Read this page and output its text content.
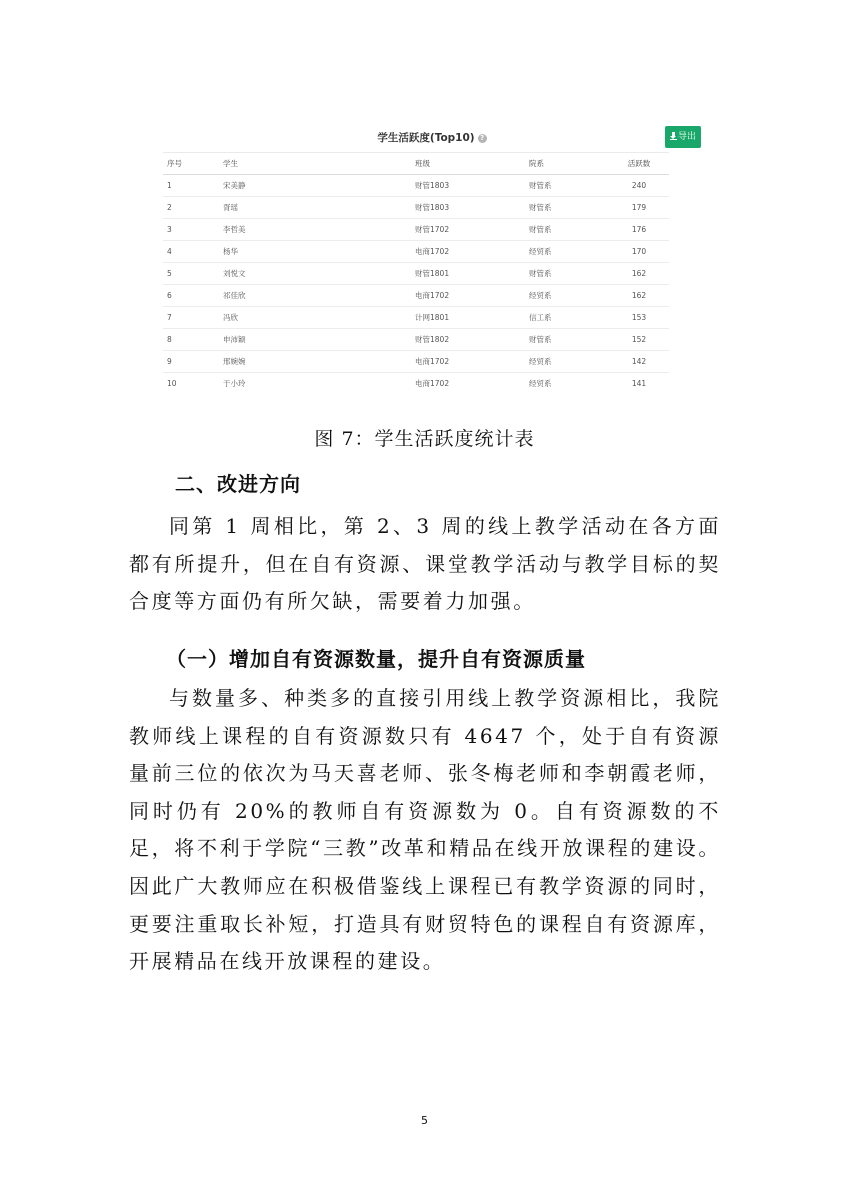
学生活跃度(Top10) ?	导出
序号	学生	班级	院系	活跃数
1	宋美静	财管1803	财管系	240
2	胥瑶	财管1803	财管系	179
3	李哲美	财管1702	财管系	176
4	杨华	电商1702	经贸系	170
5	刘悦文	财管1801	财管系	162
6	祁佳欣	电商1702	经贸系	162
7	冯欣	计网1801	信工系	153
8	申沛颖	财管1802	财管系	152
9	邢婉婉	电商1702	经贸系	142
10	于小玲	电商1702	经贸系	141
图 7：学生活跃度统计表
二、改进方向

同第 1 周相比，第 2、3 周的线上教学活动在各方面都有所提升，但在自有资源、课堂教学活动与教学目标的契合度等方面仍有所欠缺，需要着力加强。

（一）增加自有资源数量，提升自有资源质量

与数量多、种类多的直接引用线上教学资源相比，我院教师线上课程的自有资源数只有 4647 个，处于自有资源量前三位的依次为马天喜老师、张冬梅老师和李朝霞老师，同时仍有 20%的教师自有资源数为 0。自有资源数的不足，将不利于学院“三教”改革和精品在线开放课程的建设。因此广大教师应在积极借鉴线上课程已有教学资源的同时，更要注重取长补短，打造具有财贸特色的课程自有资源库，开展精品在线开放课程的建设。

5
